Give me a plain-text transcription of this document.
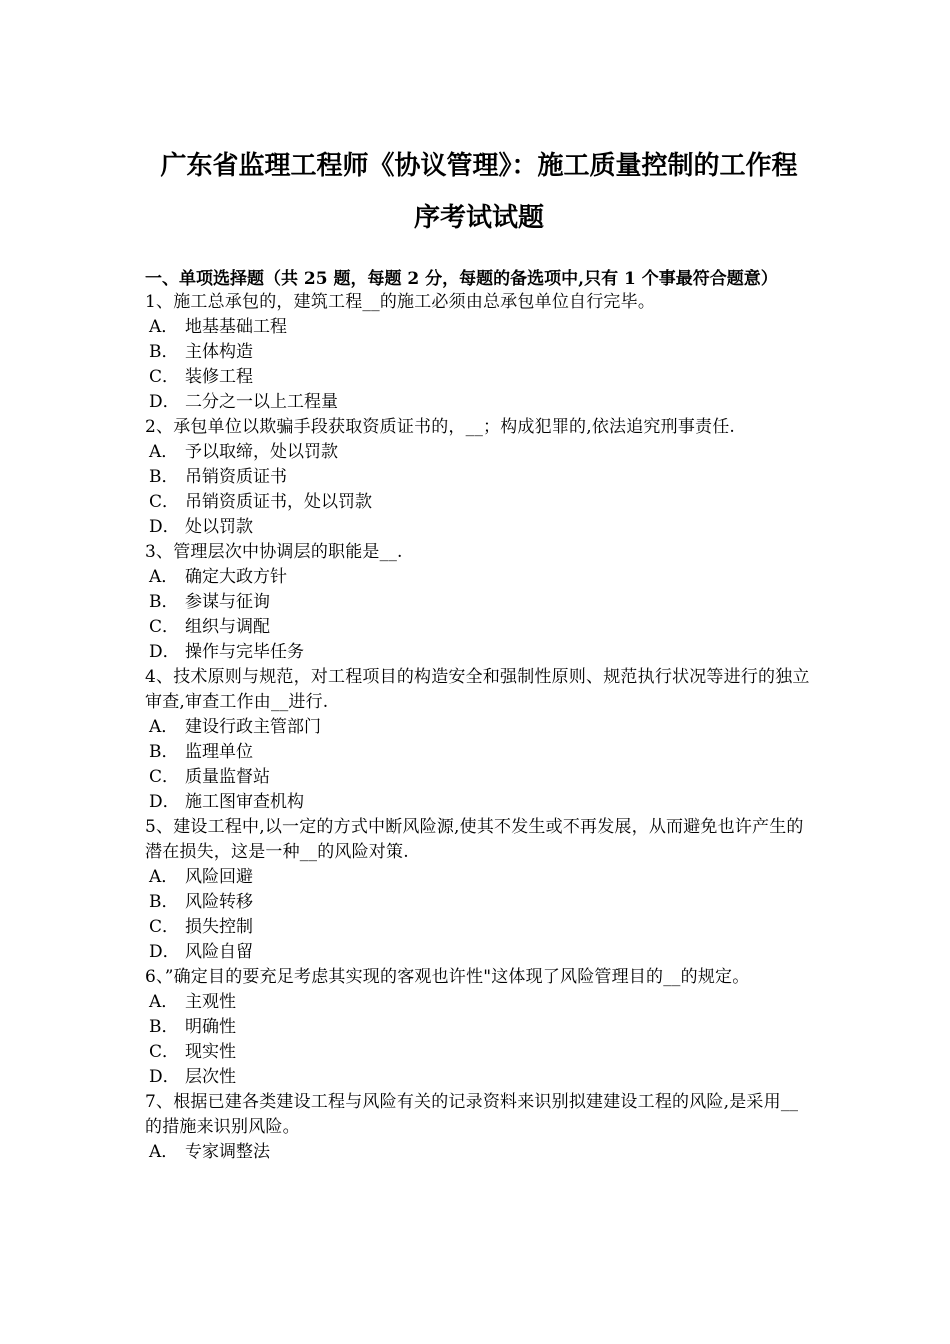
广东省监理工程师《协议管理》：施工质量控制的工作程
序考试试题
一、单项选择题（共 25 题，每题 2 分，每题的备选项中,只有 1 个事最符合题意）

1、施工总承包的，建筑工程__的施工必须由总承包单位自行完毕。

A． 地基基础工程

B． 主体构造

C． 装修工程

D． 二分之一以上工程量

2、承包单位以欺骗手段获取资质证书的，__；构成犯罪的,依法追究刑事责任.

A． 予以取缔，处以罚款

B． 吊销资质证书

C． 吊销资质证书，处以罚款

D． 处以罚款

3、管理层次中协调层的职能是__.

A． 确定大政方针

B． 参谋与征询

C． 组织与调配

D． 操作与完毕任务

4、技术原则与规范，对工程项目的构造安全和强制性原则、规范执行状况等进行的独立审查,审查工作由__进行.

A． 建设行政主管部门

B． 监理单位

C． 质量监督站

D． 施工图审查机构

5、建设工程中,以一定的方式中断风险源,使其不发生或不再发展，从而避免也许产生的潜在损失，这是一种__的风险对策.

A． 风险回避

B． 风险转移

C． 损失控制

D． 风险自留

6、”确定目的要充足考虑其实现的客观也许性"这体现了风险管理目的__的规定。

A． 主观性

B． 明确性

C． 现实性

D． 层次性

7、根据已建各类建设工程与风险有关的记录资料来识别拟建建设工程的风险,是采用__的措施来识别风险。

A． 专家调整法
